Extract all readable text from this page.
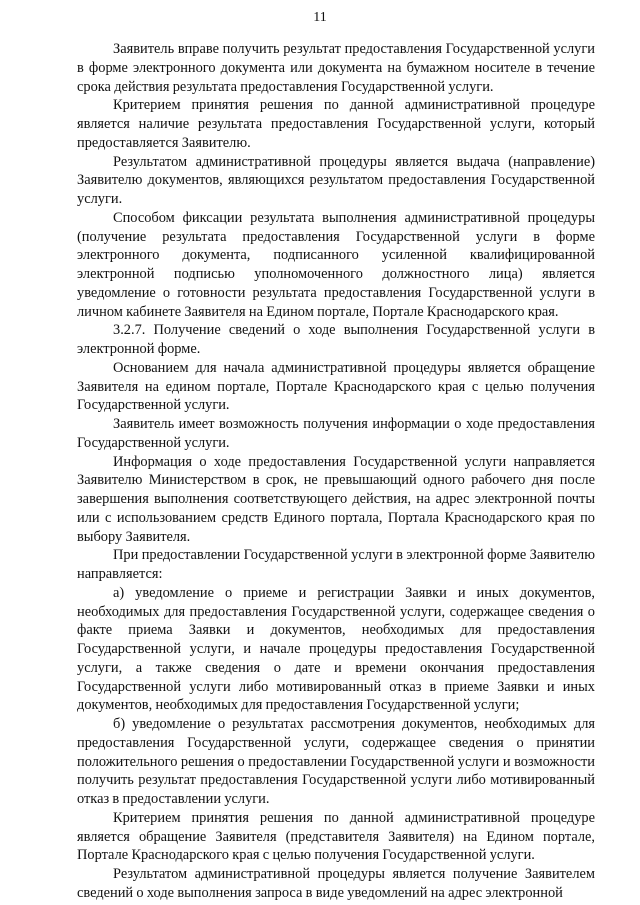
11

Заявитель вправе получить результат предоставления Государственной услуги в форме электронного документа или документа на бумажном носителе в течение срока действия результата предоставления Государственной услуги.

Критерием принятия решения по данной административной процедуре является наличие результата предоставления Государственной услуги, который предоставляется Заявителю.

Результатом административной процедуры является выдача (направление) Заявителю документов, являющихся результатом предоставления Государственной услуги.

Способом фиксации результата выполнения административной процедуры (получение результата предоставления Государственной услуги в форме электронного документа, подписанного усиленной квалифицированной электронной подписью уполномоченного должностного лица) является уведомление о готовности результата предоставления Государственной услуги в личном кабинете Заявителя на Едином портале, Портале Краснодарского края.

3.2.7. Получение сведений о ходе выполнения Государственной услуги в электронной форме.

Основанием для начала административной процедуры является обращение Заявителя на едином портале, Портале Краснодарского края с целью получения Государственной услуги.

Заявитель имеет возможность получения информации о ходе предоставления Государственной услуги.

Информация о ходе предоставления Государственной услуги направляется Заявителю Министерством в срок, не превышающий одного рабочего дня после завершения выполнения соответствующего действия, на адрес электронной почты или с использованием средств Единого портала, Портала Краснодарского края по выбору Заявителя.

При предоставлении Государственной услуги в электронной форме Заявителю направляется:

а) уведомление о приеме и регистрации Заявки и иных документов, необходимых для предоставления Государственной услуги, содержащее сведения о факте приема Заявки и документов, необходимых для предоставления Государственной услуги, и начале процедуры предоставления Государственной услуги, а также сведения о дате и времени окончания предоставления Государственной услуги либо мотивированный отказ в приеме Заявки и иных документов, необходимых для предоставления Государственной услуги;

б) уведомление о результатах рассмотрения документов, необходимых для предоставления Государственной услуги, содержащее сведения о принятии положительного решения о предоставлении Государственной услуги и возможности получить результат предоставления Государственной услуги либо мотивированный отказ в предоставлении услуги.

Критерием принятия решения по данной административной процедуре является обращение Заявителя (представителя Заявителя) на Едином портале, Портале Краснодарского края с целью получения Государственной услуги.

Результатом административной процедуры является получение Заявителем сведений о ходе выполнения запроса в виде уведомлений на адрес электронной
